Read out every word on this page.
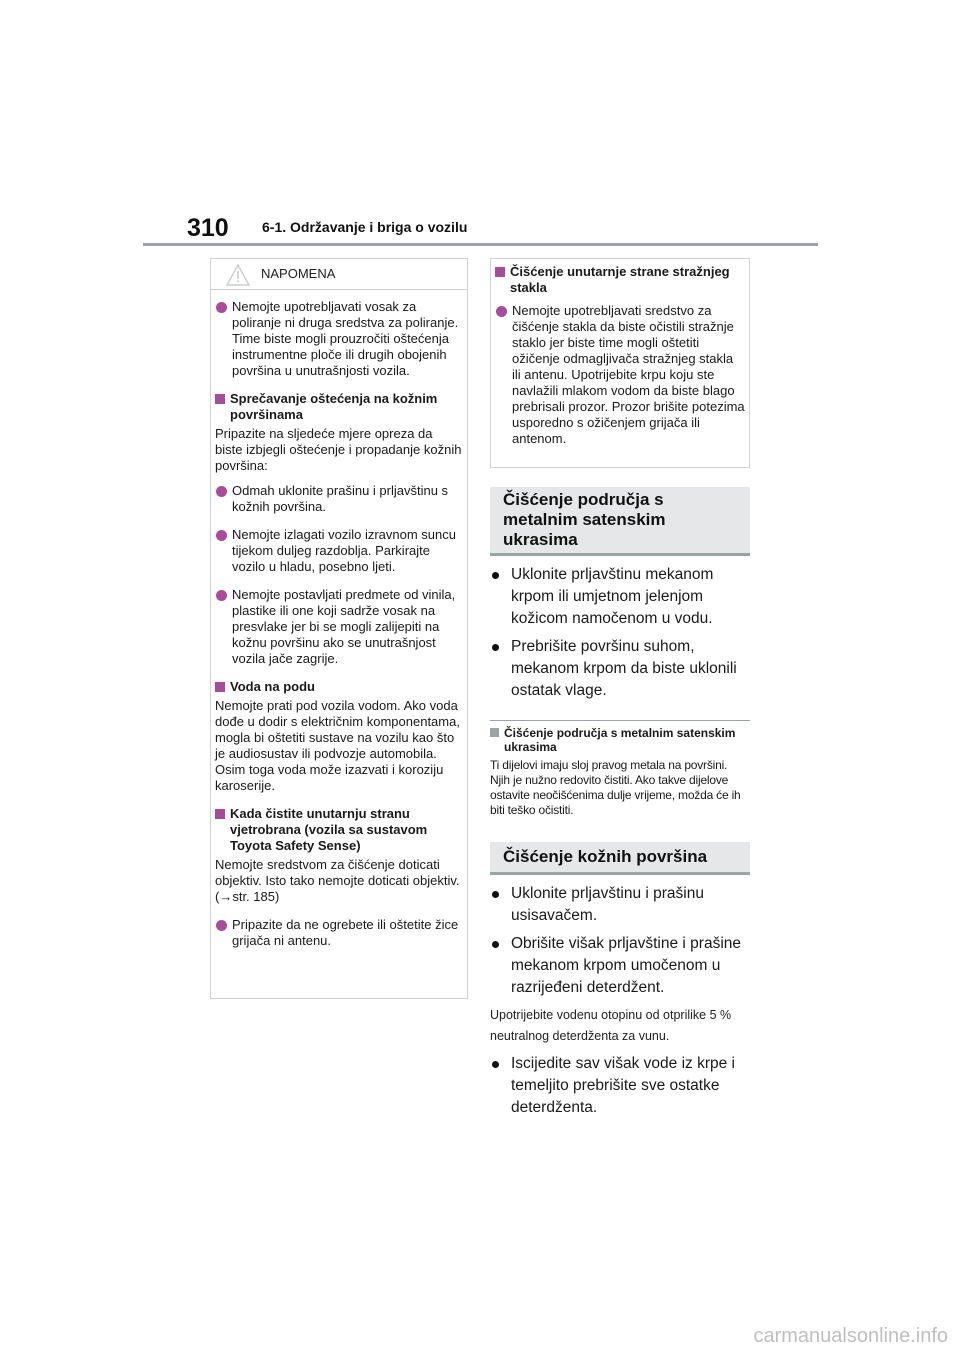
310 6-1. Održavanje i briga o vozilu
NAPOMENA
Nemojte upotrebljavati vosak za poliranje ni druga sredstva za poliranje. Time biste mogli prouzročiti oštećenja instrumentne ploče ili drugih obojenih površina u unutrašnjosti vozila.
Sprečavanje oštećenja na kožnim površinama
Pripazite na sljedeće mjere opreza da biste izbjegli oštećenje i propadanje kožnih površina:
Odmah uklonite prašinu i prljavštinu s kožnih površina.
Nemojte izlagati vozilo izravnom suncu tijekom duljeg razdoblja. Parkirajte vozilo u hladu, posebno ljeti.
Nemojte postavljati predmete od vinila, plastike ili one koji sadrže vosak na presvlake jer bi se mogli zalijepiti na kožnu površinu ako se unutrašnjost vozila jače zagrije.
Voda na podu
Nemojte prati pod vozila vodom. Ako voda dođe u dodir s električnim komponentama, mogla bi oštetiti sustave na vozilu kao što je audiosustav ili podvozje automobila. Osim toga voda može izazvati i koroziju karoserije.
Kada čistite unutarnju stranu vjetrobrana (vozila sa sustavom Toyota Safety Sense)
Nemojte sredstvom za čišćenje doticati objektiv. Isto tako nemojte doticati objektiv. (→str. 185)
Pripazite da ne ogrebete ili oštetite žice grijača ni antenu.
Čišćenje unutarnje strane stražnjeg stakla
Nemojte upotrebljavati sredstvo za čišćenje stakla da biste očistili stražnje staklo jer biste time mogli oštetiti ožičenje odmagljivača stražnjeg stakla ili antenu. Upotrijebite krpu koju ste navlažili mlakom vodom da biste blago prebrisali prozor. Prozor brišite potezima usporedno s ožičenjem grijača ili antenom.
Čišćenje područja s metalnim satenskim ukrasima
Uklonite prljavštinu mekanom krpom ili umjetnom jelenjom kožicom namočenom u vodu.
Prebrišite površinu suhom, mekanom krpom da biste uklonili ostatak vlage.
Čišćenje područja s metalnim satenskim ukrasima
Ti dijelovi imaju sloj pravog metala na površini. Njih je nužno redovito čistiti. Ako takve dijelove ostavite neočišćenima dulje vrijeme, možda će ih biti teško očistiti.
Čišćenje kožnih površina
Uklonite prljavštinu i prašinu usisavačem.
Obrišite višak prljavštine i prašine mekanom krpom umočenom u razrijeđeni deterdžent.
Upotrijebite vodenu otopinu od otprilike 5 % neutralnog deterdženta za vunu.
Iscijedite sav višak vode iz krpe i temeljito prebrišite sve ostatke deterdženta.
carmanualsonline.info
